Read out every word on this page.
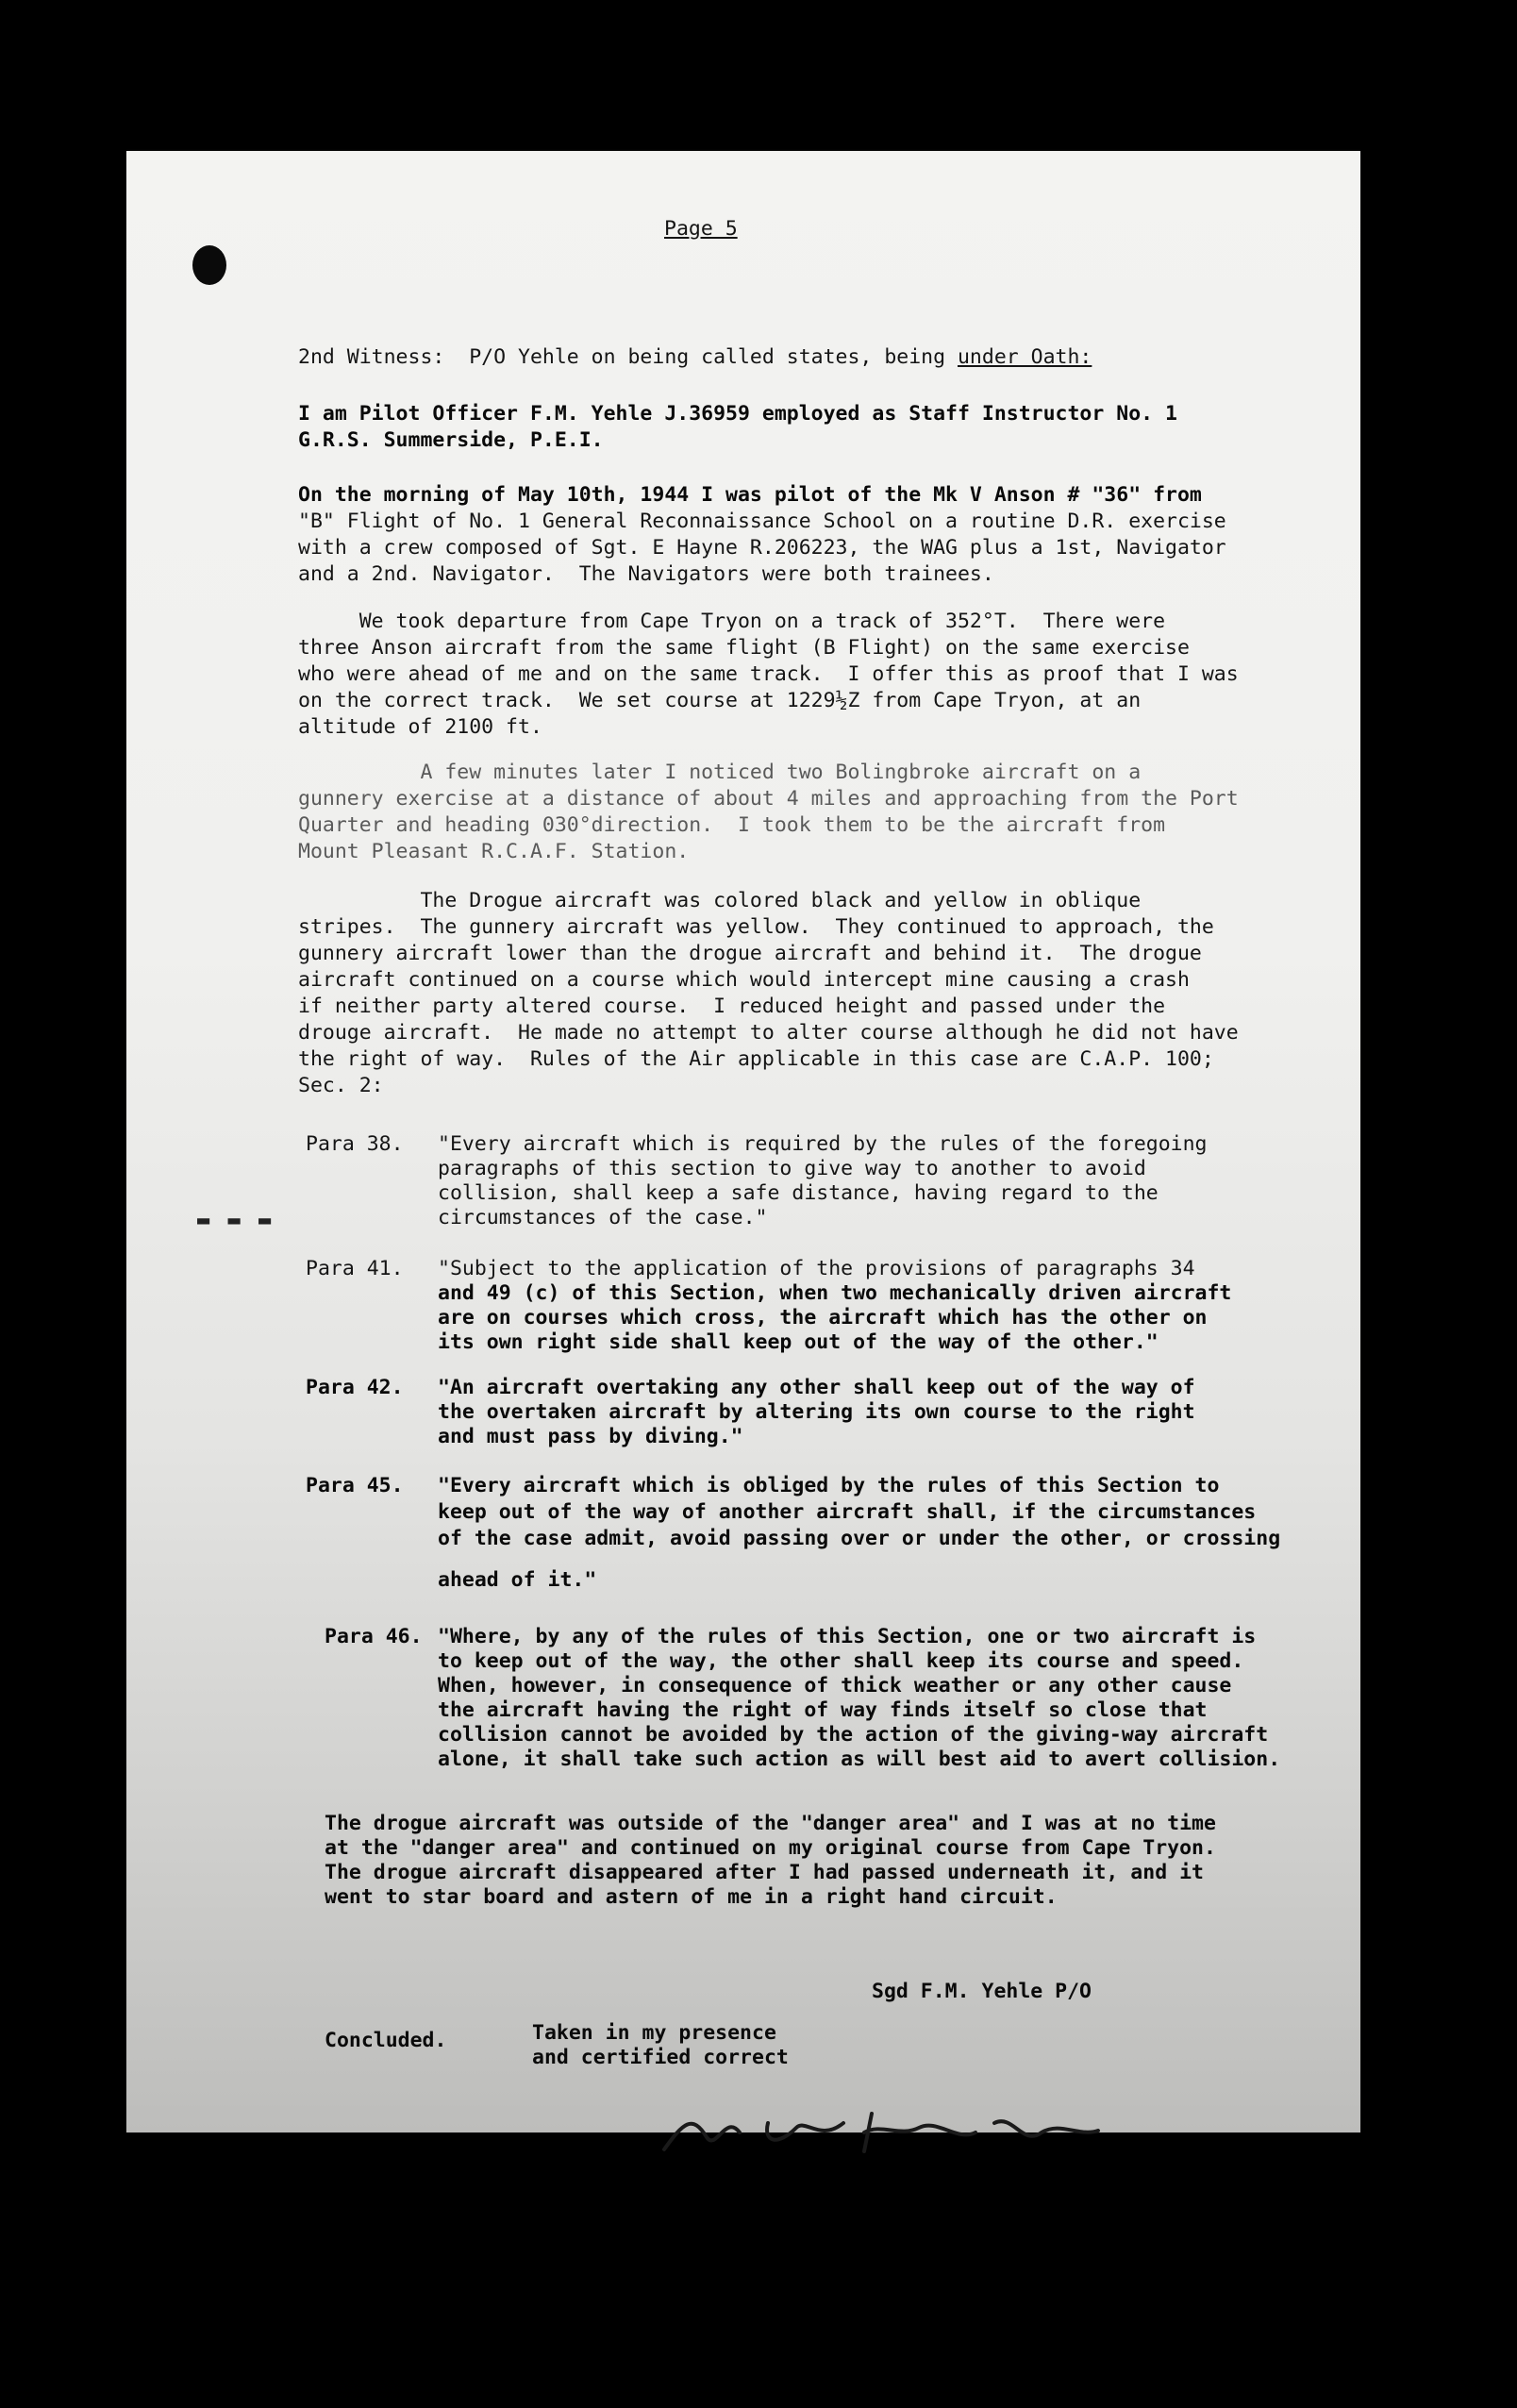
▬ ▬ ▬
Page 5
2nd Witness:  P/O Yehle on being called states, being under Oath:
I am Pilot Officer F.M. Yehle J.36959 employed as Staff Instructor No. 1
G.R.S. Summerside, P.E.I.
On the morning of May 10th, 1944 I was pilot of the Mk V Anson # "36" from
"B" Flight of No. 1 General Reconnaissance School on a routine D.R. exercise
with a crew composed of Sgt. E Hayne R.206223, the WAG plus a 1st, Navigator
and a 2nd. Navigator.  The Navigators were both trainees.
We took departure from Cape Tryon on a track of 352°T.  There were
three Anson aircraft from the same flight (B Flight) on the same exercise
who were ahead of me and on the same track.  I offer this as proof that I was
on the correct track.  We set course at 1229½Z from Cape Tryon, at an
altitude of 2100 ft.
A few minutes later I noticed two Bolingbroke aircraft on a
gunnery exercise at a distance of about 4 miles and approaching from the Port
Quarter and heading 030°direction.  I took them to be the aircraft from
Mount Pleasant R.C.A.F. Station.
The Drogue aircraft was colored black and yellow in oblique
stripes.  The gunnery aircraft was yellow.  They continued to approach, the
gunnery aircraft lower than the drogue aircraft and behind it.  The drogue
aircraft continued on a course which would intercept mine causing a crash
if neither party altered course.  I reduced height and passed under the
drouge aircraft.  He made no attempt to alter course although he did not have
the right of way.  Rules of the Air applicable in this case are C.A.P. 100;
Sec. 2:
Para 38. "Every aircraft which is required by the rules of the foregoing
paragraphs of this section to give way to another to avoid
collision, shall keep a safe distance, having regard to the
circumstances of the case."
Para 41. "Subject to the application of the provisions of paragraphs 34
and 49 (c) of this Section, when two mechanically driven aircraft
are on courses which cross, the aircraft which has the other on
its own right side shall keep out of the way of the other."
Para 42. "An aircraft overtaking any other shall keep out of the way of
the overtaken aircraft by altering its own course to the right
and must pass by diving."
Para 45. "Every aircraft which is obliged by the rules of this Section to
keep out of the way of another aircraft shall, if the circumstances
of the case admit, avoid passing over or under the other, or crossing
ahead of it."
Para 46. "Where, by any of the rules of this Section, one or two aircraft is
to keep out of the way, the other shall keep its course and speed.
When, however, in consequence of thick weather or any other cause
the aircraft having the right of way finds itself so close that
collision cannot be avoided by the action of the giving-way aircraft
alone, it shall take such action as will best aid to avert collision.
The drogue aircraft was outside of the "danger area" and I was at no time
at the "danger area" and continued on my original course from Cape Tryon.
The drogue aircraft disappeared after I had passed underneath it, and it
went to star board and astern of me in a right hand circuit.
Sgd F.M. Yehle P/O
Concluded.	Taken in my presence
and certified correct
